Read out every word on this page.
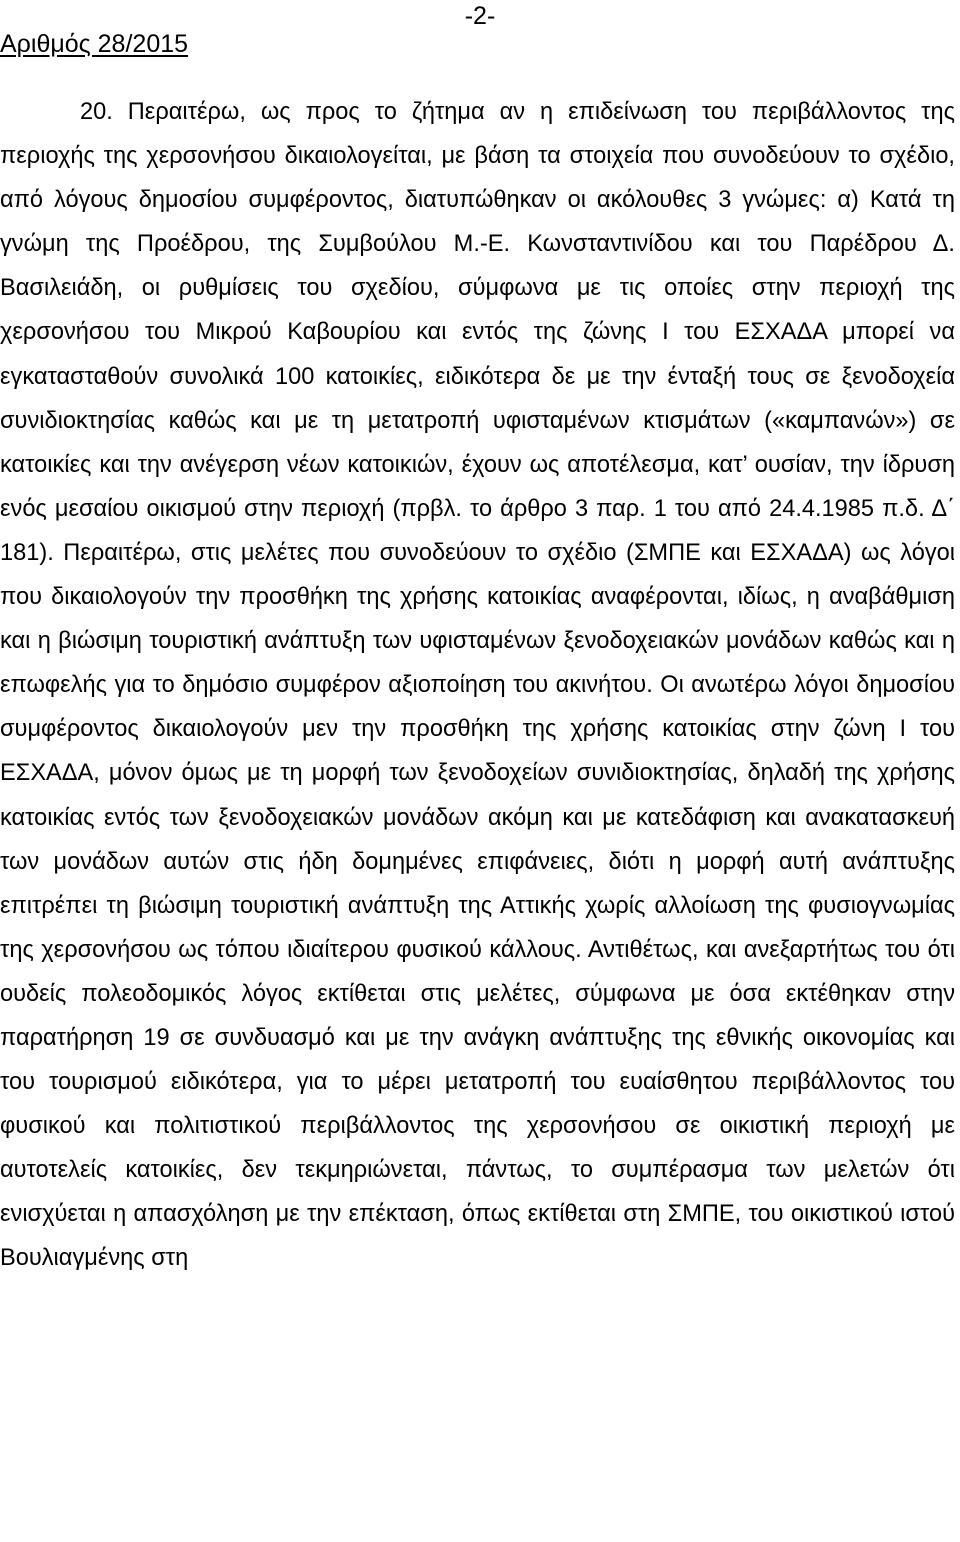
-2-
Αριθμός 28/2015

20. Περαιτέρω, ως προς το ζήτημα αν η επιδείνωση του περιβάλλοντος της περιοχής της χερσονήσου δικαιολογείται, με βάση τα στοιχεία που συνοδεύουν το σχέδιο, από λόγους δημοσίου συμφέροντος, διατυπώθηκαν οι ακόλουθες 3 γνώμες: α) Κατά τη γνώμη της Προέδρου, της Συμβούλου Μ.-Ε. Κωνσταντινίδου και του Παρέδρου Δ. Βασιλειάδη, οι ρυθμίσεις του σχεδίου, σύμφωνα με τις οποίες στην περιοχή της χερσονήσου του Μικρού Καβουρίου και εντός της ζώνης Ι του ΕΣΧΑΔΑ μπορεί να εγκατασταθούν συνολικά 100 κατοικίες, ειδικότερα δε με την ένταξή τους σε ξενοδοχεία συνιδιοκτησίας καθώς και με τη μετατροπή υφισταμένων κτισμάτων («καμπανών») σε κατοικίες και την ανέγερση νέων κατοικιών, έχουν ως αποτέλεσμα, κατ’ ουσίαν, την ίδρυση ενός μεσαίου οικισμού στην περιοχή (πρβλ. το άρθρο 3 παρ. 1 του από 24.4.1985 π.δ. Δ΄ 181). Περαιτέρω, στις μελέτες που συνοδεύουν το σχέδιο (ΣΜΠΕ και ΕΣΧΑΔΑ) ως λόγοι που δικαιολογούν την προσθήκη της χρήσης κατοικίας αναφέρονται, ιδίως, η αναβάθμιση και η βιώσιμη τουριστική ανάπτυξη των υφισταμένων ξενοδοχειακών μονάδων καθώς και η επωφελής για το δημόσιο συμφέρον αξιοποίηση του ακινήτου. Οι ανωτέρω λόγοι δημοσίου συμφέροντος δικαιολογούν μεν την προσθήκη της χρήσης κατοικίας στην ζώνη Ι του ΕΣΧΑΔΑ, μόνον όμως με τη μορφή των ξενοδοχείων συνιδιοκτησίας, δηλαδή της χρήσης κατοικίας εντός των ξενοδοχειακών μονάδων ακόμη και με κατεδάφιση και ανακατασκευή των μονάδων αυτών στις ήδη δομημένες επιφάνειες, διότι η μορφή αυτή ανάπτυξης επιτρέπει τη βιώσιμη τουριστική ανάπτυξη της Αττικής χωρίς αλλοίωση της φυσιογνωμίας της χερσονήσου ως τόπου ιδιαίτερου φυσικού κάλλους. Αντιθέτως, και ανεξαρτήτως του ότι ουδείς πολεοδομικός λόγος εκτίθεται στις μελέτες, σύμφωνα με όσα εκτέθηκαν στην παρατήρηση 19 σε συνδυασμό και με την ανάγκη ανάπτυξης της εθνικής οικονομίας και του τουρισμού ειδικότερα, για το μέρει μετατροπή του ευαίσθητου περιβάλλοντος του φυσικού και πολιτιστικού περιβάλλοντος της χερσονήσου σε οικιστική περιοχή με αυτοτελείς κατοικίες, δεν τεκμηριώνεται, πάντως, το συμπέρασμα των μελετών ότι ενισχύεται η απασχόληση με την επέκταση, όπως εκτίθεται στη ΣΜΠΕ, του οικιστικού ιστού Βουλιαγμένης στη
